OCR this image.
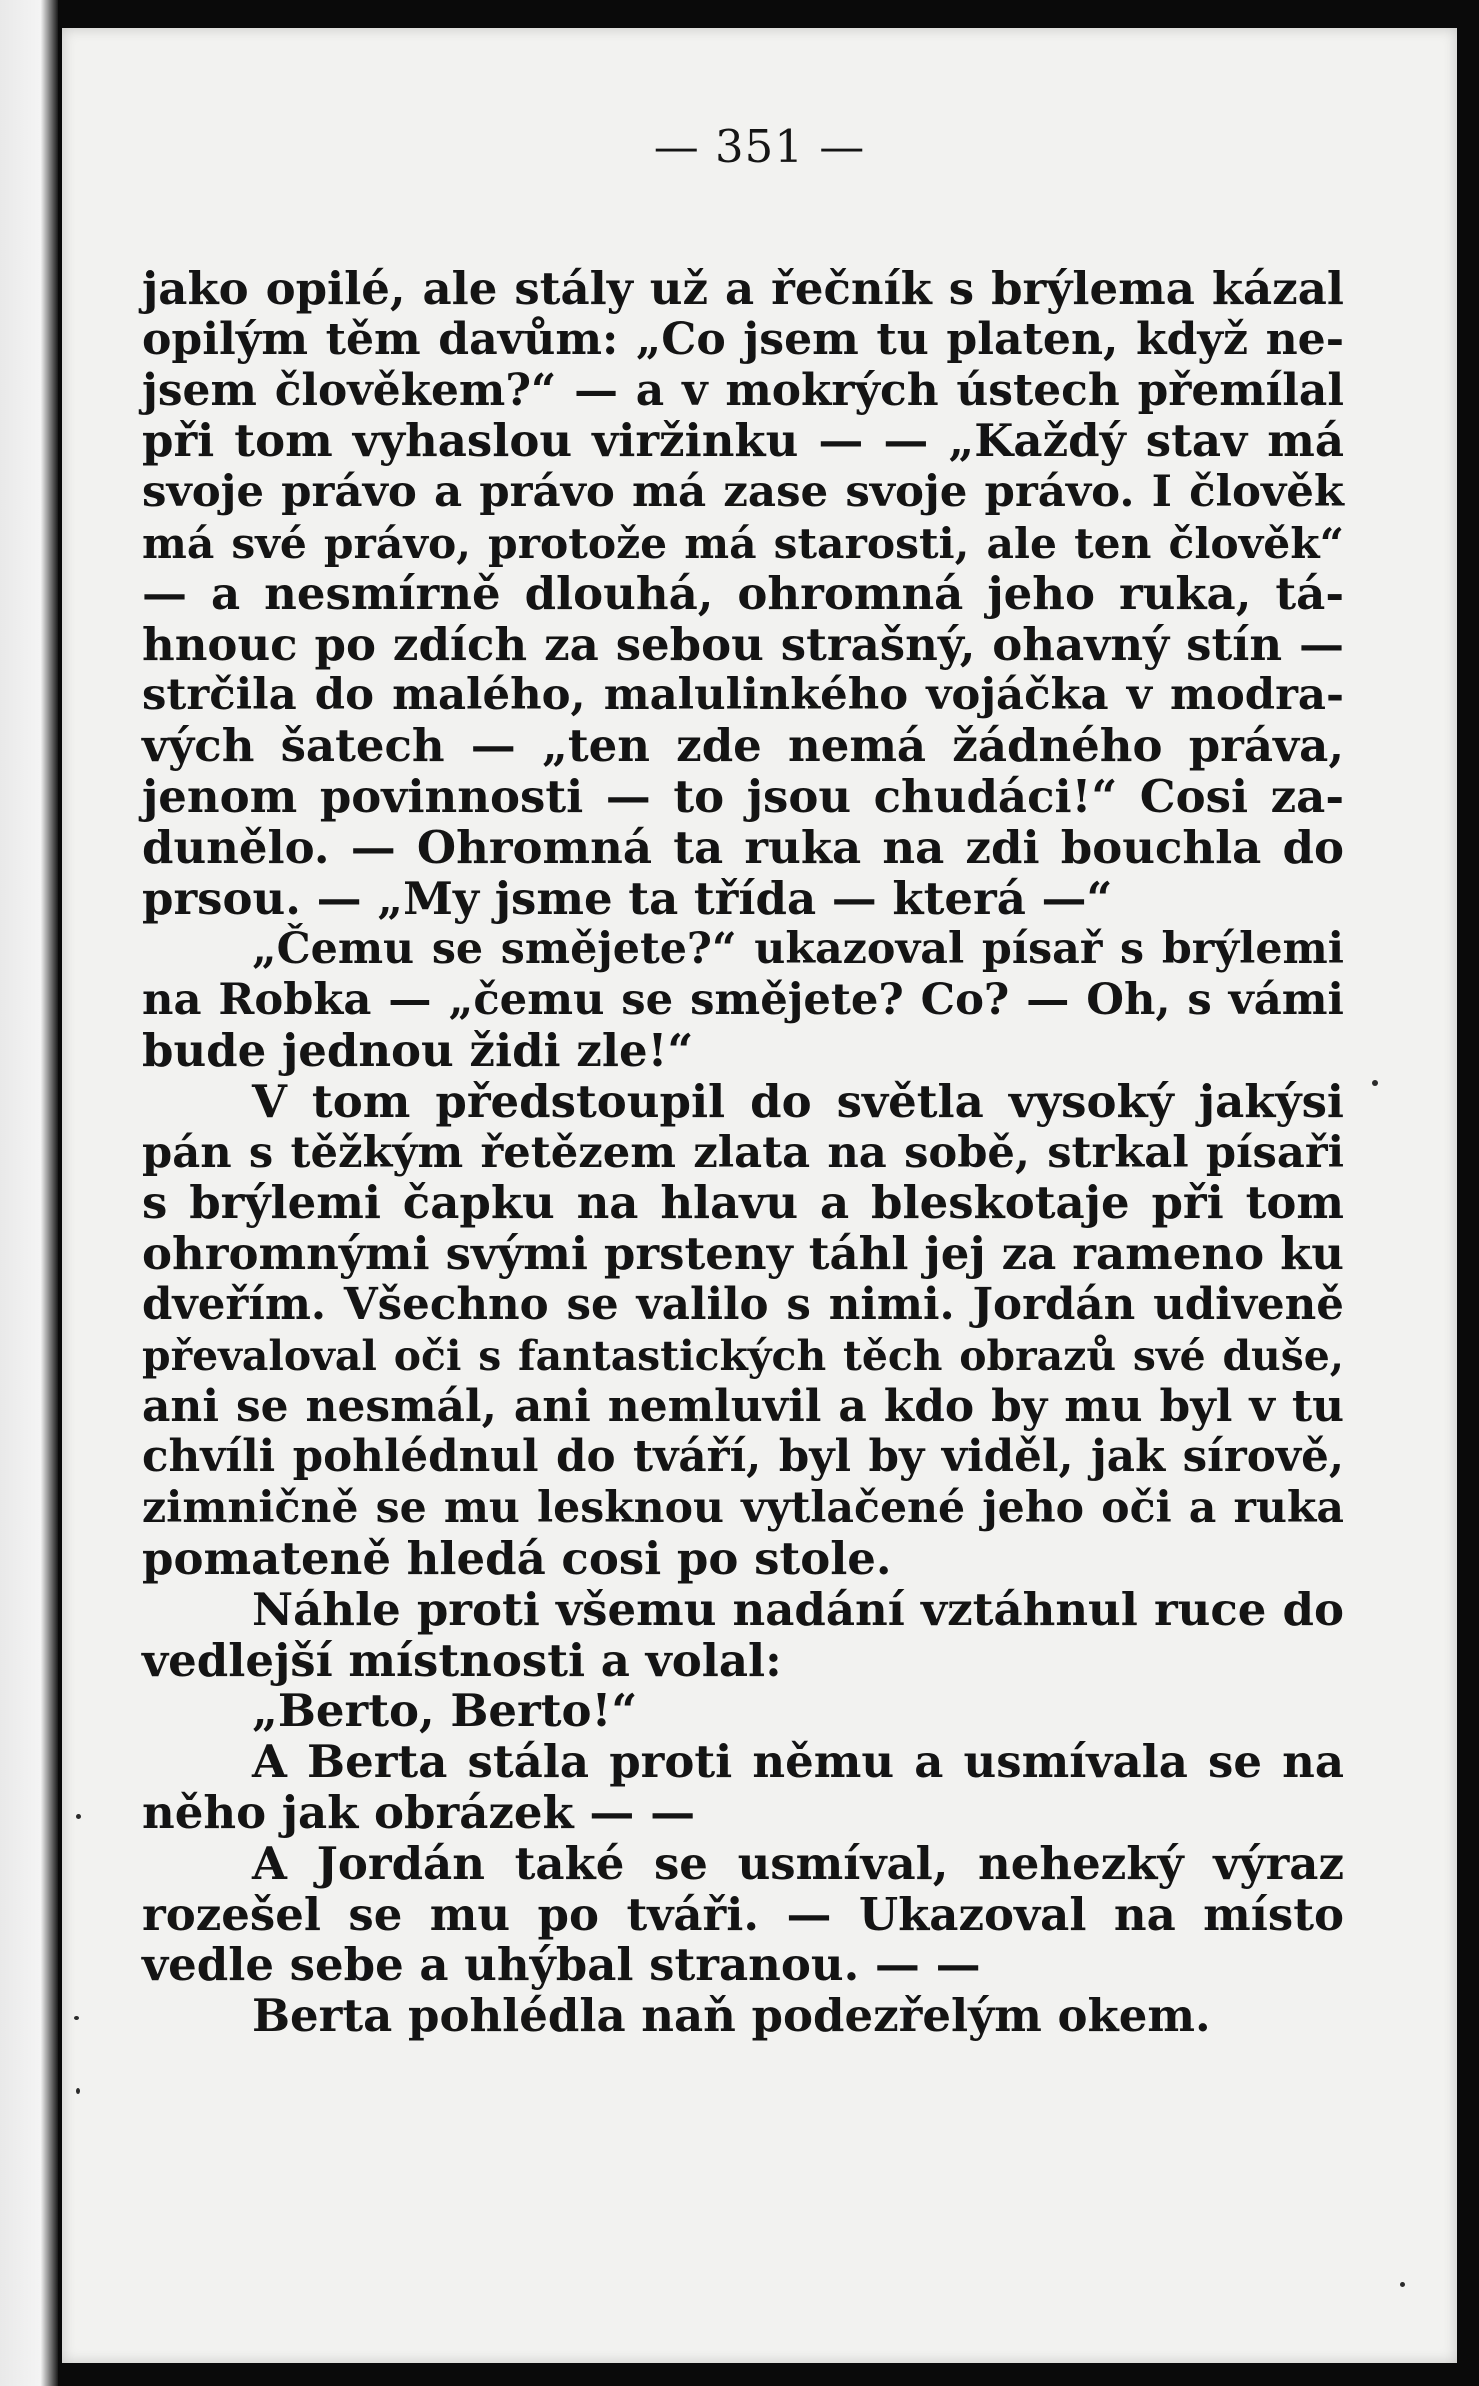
— 351 —

jako opilé, ale stály už a řečník s brýlema kázal
opilým těm davům: „Co jsem tu platen, když ne-
jsem člověkem?“ — a v mokrých ústech přemílal
při tom vyhaslou viržinku — — „Každý stav má
svoje právo a právo má zase svoje právo. I člověk
má své právo, protože má starosti, ale ten člověk“
— a nesmírně dlouhá, ohromná jeho ruka, tá-
hnouc po zdích za sebou strašný, ohavný stín —
strčila do malého, malulinkého vojáčka v modra-
vých šatech — „ten zde nemá žádného práva,
jenom povinnosti — to jsou chudáci!“ Cosi za-
dunělo. — Ohromná ta ruka na zdi bouchla do
prsou. — „My jsme ta třída — která —“

„Čemu se smějete?“ ukazoval písař s brýlemi
na Robka — „čemu se smějete? Co? — Oh, s vámi
bude jednou židi zle!“

V tom předstoupil do světla vysoký jakýsi
pán s těžkým řetězem zlata na sobě, strkal písaři
s brýlemi čapku na hlavu a bleskotaje při tom
ohromnými svými prsteny táhl jej za rameno ku
dveřím. Všechno se valilo s nimi. Jordán udiveně
převaloval oči s fantastických těch obrazů své duše,
ani se nesmál, ani nemluvil a kdo by mu byl v tu
chvíli pohlédnul do tváří, byl by viděl, jak sírově,
zimničně se mu lesknou vytlačené jeho oči a ruka
pomateně hledá cosi po stole.

Náhle proti všemu nadání vztáhnul ruce do
vedlejší místnosti a volal:

„Berto, Berto!“

A Berta stála proti němu a usmívala se na
něho jak obrázek — —

A Jordán také se usmíval, nehezký výraz
rozešel se mu po tváři. — Ukazoval na místo
vedle sebe a uhýbal stranou. — —

Berta pohlédla naň podezřelým okem.
